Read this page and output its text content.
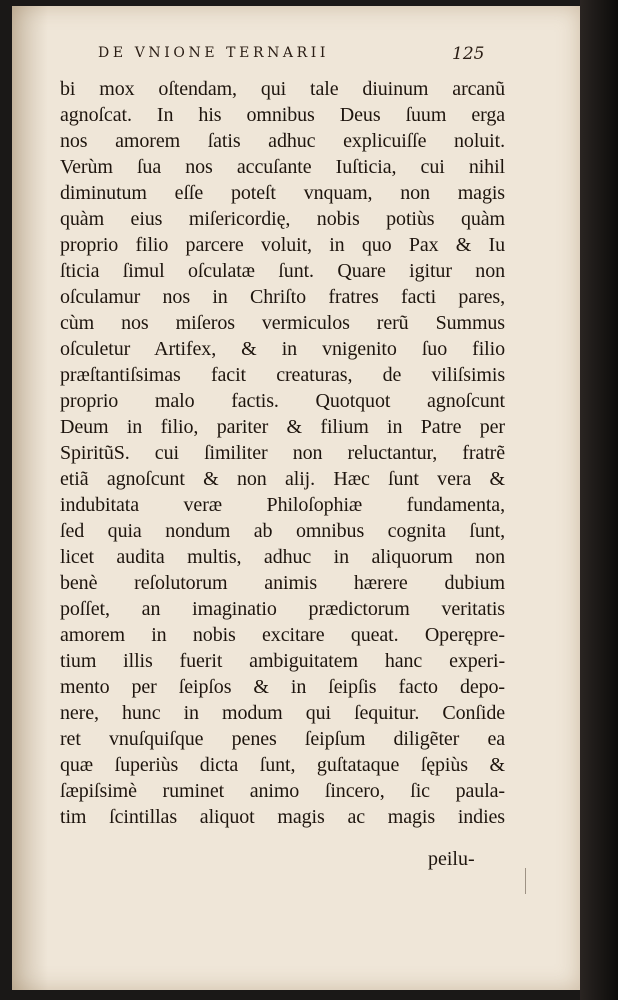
DE VNIONE TERNARII	125
bi mox oſtendam, qui tale diuinum arcanũ
agnoſcat. In his omnibus Deus ſuum erga
nos amorem ſatis adhuc explicuiſſe noluit.
Verùm ſua nos accuſante Iuſticia, cui nihil
diminutum eſſe poteſt vnquam, non magis
quàm eius miſericordię, nobis potiùs quàm
proprio filio parcere voluit, in quo Pax & Iu
ſticia ſimul oſculatæ ſunt. Quare igitur non
oſculamur nos in Chriſto fratres facti pares,
cùm nos miſeros vermiculos rerũ Summus
oſculetur Artifex, & in vnigenito ſuo filio
præſtantiſsimas facit creaturas, de viliſsimis
proprio malo factis. Quotquot agnoſcunt
Deum in filio, pariter & filium in Patre per
SpiritũS. cui ſimiliter non reluctantur, fratrẽ
etiã agnoſcunt & non alij. Hæc ſunt vera &
indubitata veræ Philoſophiæ fundamenta,
ſed quia nondum ab omnibus cognita ſunt,
licet audita multis, adhuc in aliquorum non
benè reſolutorum animis hærere dubium
poſſet, an imaginatio prædictorum veritatis
amorem in nobis excitare queat. Operępre-
tium illis fuerit ambiguitatem hanc experi-
mento per ſeipſos & in ſeipſis facto depo-
nere, hunc in modum qui ſequitur. Conſide
ret vnuſquiſque penes ſeipſum diligẽter ea
quæ ſuperiùs dicta ſunt, guſtataque ſępiùs &
ſæpiſsimè ruminet animo ſincero, ſic paula-
tim ſcintillas aliquot magis ac magis indies
peilu-
